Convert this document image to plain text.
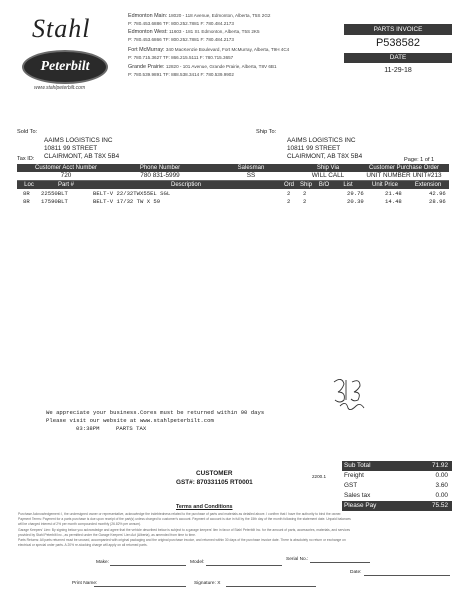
Stahl
Peterbilt
www.stahlpeterbilt.com
Edmonton Main: 18020 - 118 Avenue, Edmonton, Alberta, T5S 2G2
P: 780.453.6886 TF: 800.252.7881 F: 780.484.2173
Edmonton West: 11603 - 181 St. Edmonton, Alberta, T5S 2K5
P: 780.453.6866 TF: 800.252.7881 F: 780.484.2173
Fort McMurray: 340 MacKenzie Boulevard, Fort McMurray, Alberta, T9H 4C4
P: 780.715.3627 TF: 866.215.5111 F: 780.715.3657
Grande Prairie: 12820 - 101 Avenue, Grande Prairie, Alberta, T8V 6B1
P: 780.539.9891 TF: 888.538.3414 F: 780.539.9902
PARTS INVOICE
P538582
DATE
11-29-18
Sold To:
AAIMS LOGISTICS INC
10811 99 STREET
CLAIRMONT, AB T8X 5B4
Ship To:
AAIMS LOGISTICS INC
10811 99 STREET
CLAIRMONT, AB T8X 5B4
Tax ID:	Page: 1 of 1
Customer Acct Number	Phone Number	Salesman	Ship Via	Customer Purchase Order
720	780 831-5999	SS	WILL CALL	UNIT NUMBER UNIT#213
Loc	Part #	Description	Ord Ship	B/O	List	Unit Price	Extension
8R 22550BLT	BELT-V 22/32TWX55EL SGL	2 2	29.76	21.48	42.96
8R 17590BLT	BELT-V 17/32 TW X 59	2 2	20.39	14.48	28.96
We appreciate your business.Cores must be returned within 90 days
Please visit our website at www.stahlpeterbilt.com
03:38PM	PARTS TAX
CUSTOMER
GST#: 870331105 RT0001
2200.1
Sub Total	71.92
Freight	0.00
GST	3.60
Sales tax	0.00
Please Pay	75.52
Terms and Conditions
Purchase Acknowledgement: I, the undersigned owner or representative, acknowledge the indebtedness related to the purchase of parts and materials as detailed above. I confirm that I have the authority to bind the owner.
Payment Terms: Payment for a parts purchase is due upon receipt of the part(s) unless charged to customer's account. Payment of account is due in full by the 15th day of the month following the statement date. Unpaid balances
will be charged interest of 2% per month compounded monthly (26.82% per annum).
Garage Keepers' Lien: By signing below you acknowledge and agree that the vehicle described below is subject to a garage keepers' lien in favor of Stahl Peterbilt Inc. for the amount of parts, accessories, materials, and services
provided by Stahl Peterbilt Inc., as permitted under the Garage Keepers' Lien Act (Alberta), as amended from time to time.
Parts Returns: All parts returned must be unused, accompanied with original packaging and the original purchase invoice, and returned within 30 days of the purchase invoice date. There is absolutely no return or exchange on
electrical or special order parts. A 20% re-stocking charge will apply on all returned parts.
Make:	Model:
Serial No.:
Date:
Print Name:	Signature: X
